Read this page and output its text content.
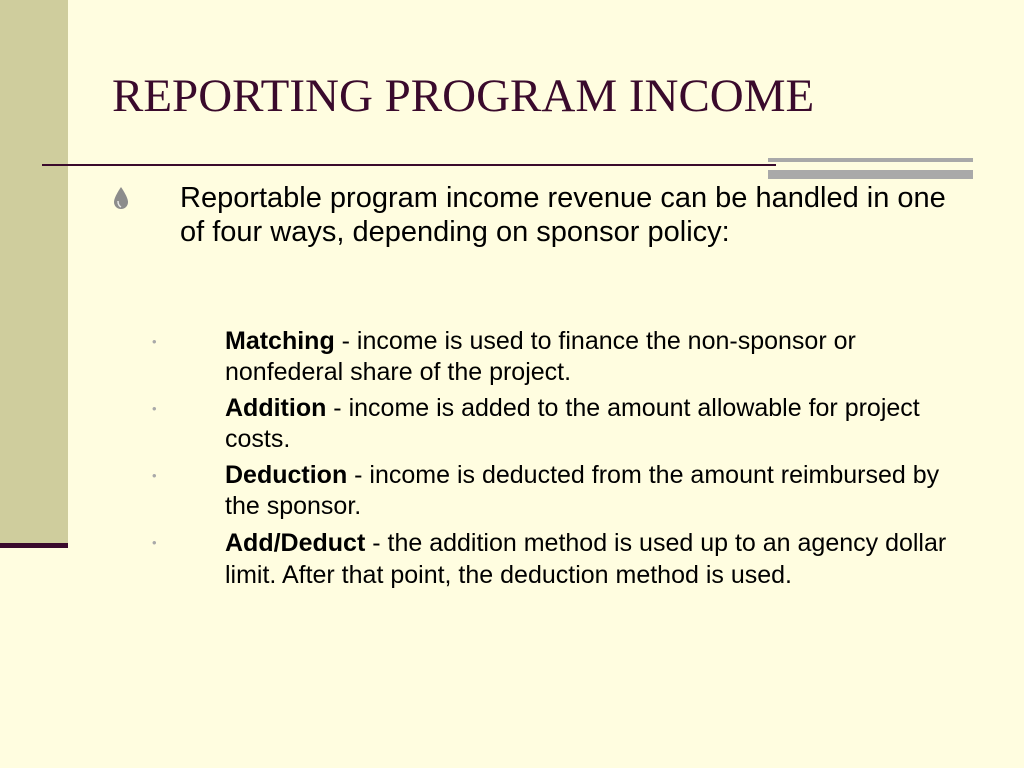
REPORTING PROGRAM INCOME

Reportable program income revenue can be handled in one of four ways, depending on sponsor policy:

•	Matching - income is used to finance the non-sponsor or nonfederal share of the project.
•	Addition - income is added to the amount allowable for project costs.
•	Deduction - income is deducted from the amount reimbursed by the sponsor.
•	Add/Deduct - the addition method is used up to an agency dollar limit. After that point, the deduction method is used.
